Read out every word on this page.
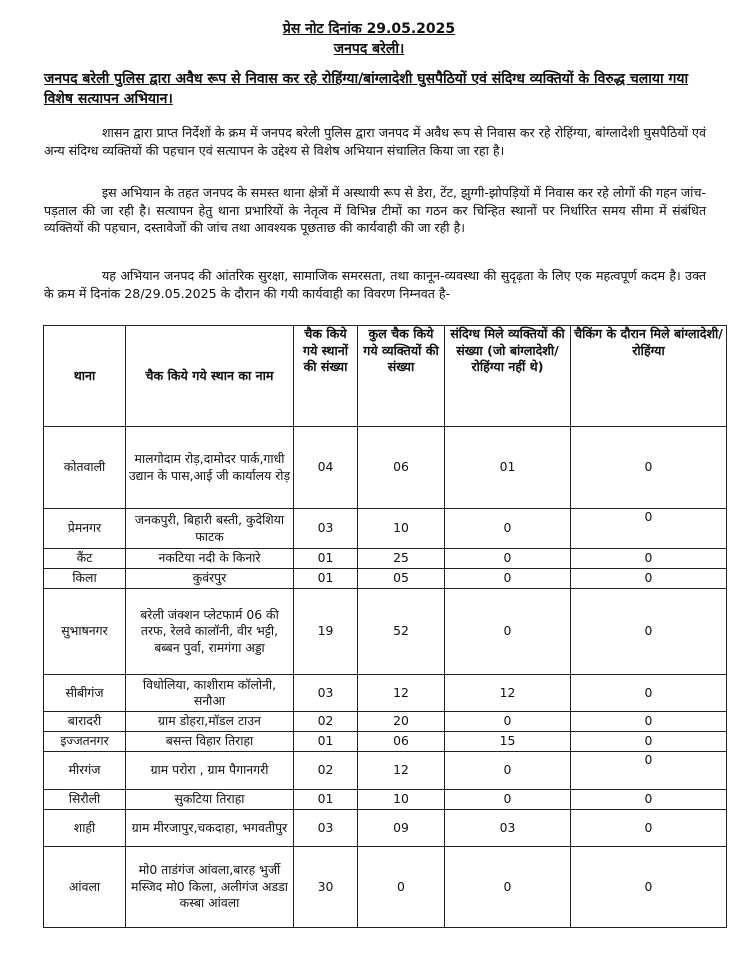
प्रेस नोट दिनांक 29.05.2025
जनपद बरेली।
जनपद बरेली पुलिस द्वारा अवैध रूप से निवास कर रहे रोहिंग्या/बांग्लादेशी घुसपैठियों एवं संदिग्ध व्यक्तियों के विरुद्ध चलाया गया विशेष सत्यापन अभियान।
शासन द्वारा प्राप्त निर्देशों के क्रम में जनपद बरेली पुलिस द्वारा जनपद में अवैध रूप से निवास कर रहे रोहिंग्या, बांग्लादेशी घुसपैठियों एवं अन्य संदिग्ध व्यक्तियों की पहचान एवं सत्यापन के उद्देश्य से विशेष अभियान संचालित किया जा रहा है।
इस अभियान के तहत जनपद के समस्त थाना क्षेत्रों में अस्थायी रूप से डेरा, टेंट, झुग्गी-झोपड़ियों में निवास कर रहे लोगों की गहन जांच-पड़ताल की जा रही है। सत्यापन हेतु थाना प्रभारियों के नेतृत्व में विभिन्न टीमों का गठन कर चिन्हित स्थानों पर निर्धारित समय सीमा में संबंधित व्यक्तियों की पहचान, दस्तावेजों की जांच तथा आवश्यक पूछताछ की कार्यवाही की जा रही है।
यह अभियान जनपद की आंतरिक सुरक्षा, सामाजिक समरसता, तथा कानून-व्यवस्था की सुदृढ़ता के लिए एक महत्वपूर्ण कदम है। उक्त के क्रम में दिनांक 28/29.05.2025 के दौरान की गयी कार्यवाही का विवरण निम्नवत है-
थाना	चैक किये गये स्थान का नाम	चैक किये गये स्थानों की संख्या	कुल चैक किये गये व्यक्तियों की संख्या	संदिग्ध मिले व्यक्तियों की संख्या (जो बांग्लादेशी/रोहिंग्या नहीं थे)	चैकिंग के दौरान मिले बांग्लादेशी/रोहिंग्या
कोतवाली	मालगोदाम रोड़,दामोदर पार्क,गाधी उद्यान के पास,आई जी कार्यालय रोड़	04	06	01	0
प्रेमनगर	जनकपुरी, बिहारी बस्ती, कुदेशिया फाटक	03	10	0	0
कैंट	नकटिया नदी के किनारे	01	25	0	0
किला	कुवंरपुर	01	05	0	0
सुभाषनगर	बरेली जंक्शन प्लेटफार्म 06 की तरफ, रेलवे कालॉनी, वीर भट्टी, बब्बन पुर्वा, रामगंगा अड्डा	19	52	0	0
सीबीगंज	विधोलिया, काशीराम कॉलोनी, सनौआ	03	12	12	0
बारादरी	ग्राम डोहरा,मॉडल टाउन	02	20	0	0
इज्जतनगर	बसन्त विहार तिराहा	01	06	15	0
मीरगंज	ग्राम परोरा , ग्राम पैगानगरी	02	12	0	0
सिरौली	सुकटिया तिराहा	01	10	0	0
शाही	ग्राम मीरजापुर,चकदाहा, भगवतीपुर	03	09	03	0
आंवला	मो0 ताडंगंज आंवला,बारह भुर्जी मस्जिद मो0 किला, अलीगंज अडडा कस्बा आंवला	30	0	0	0
